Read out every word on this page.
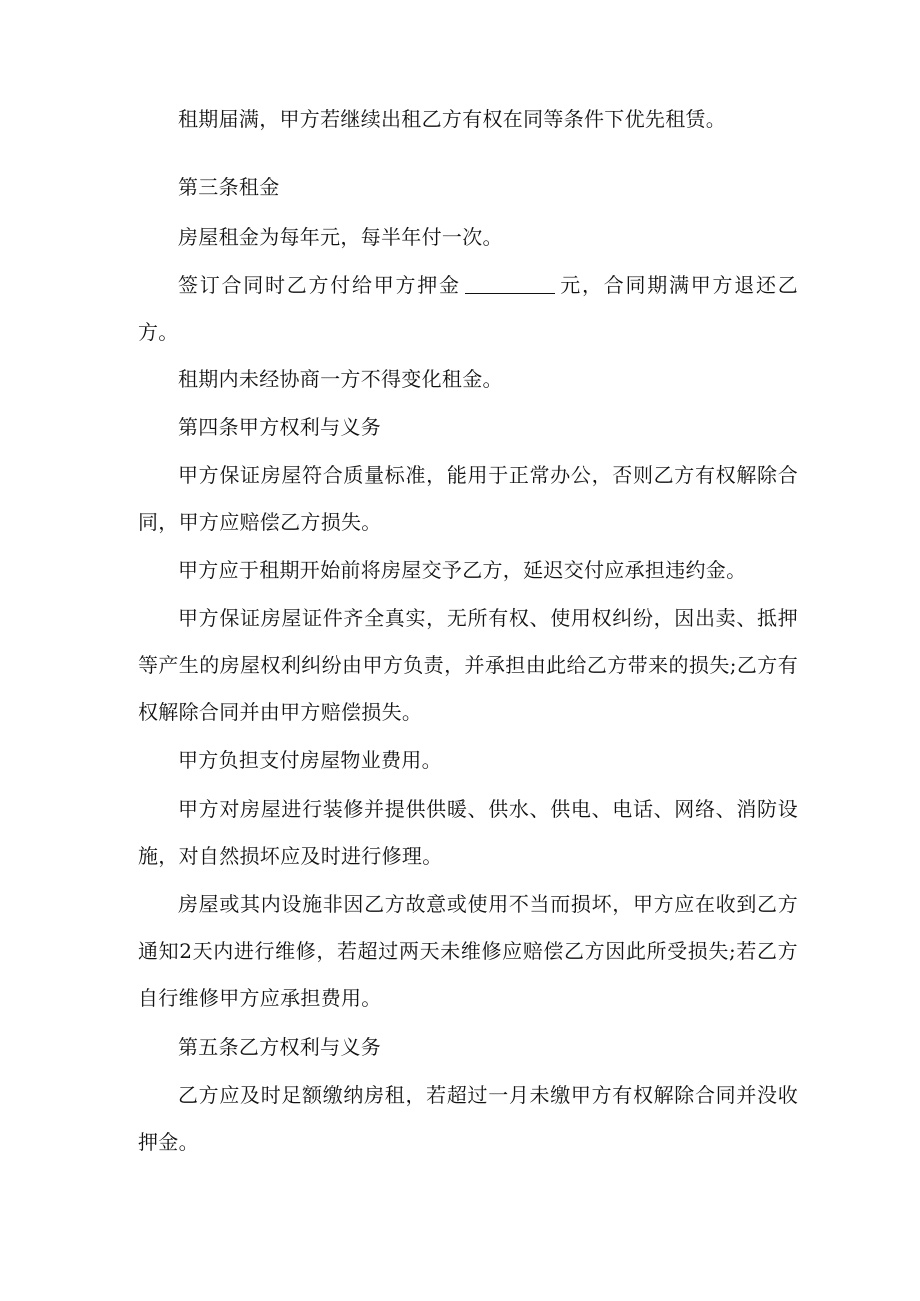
租期届满，甲方若继续出租乙方有权在同等条件下优先租赁。

第三条租金

房屋租金为每年元，每半年付一次。

签订合同时乙方付给甲方押金	元，合同期满甲方退还乙方。

租期内未经协商一方不得变化租金。

第四条甲方权利与义务

甲方保证房屋符合质量标准，能用于正常办公，否则乙方有权解除合同，甲方应赔偿乙方损失。

甲方应于租期开始前将房屋交予乙方，延迟交付应承担违约金。

甲方保证房屋证件齐全真实，无所有权、使用权纠纷，因出卖、抵押等产生的房屋权利纠纷由甲方负责，并承担由此给乙方带来的损失;乙方有权解除合同并由甲方赔偿损失。

甲方负担支付房屋物业费用。

甲方对房屋进行装修并提供供暖、供水、供电、电话、网络、消防设施，对自然损坏应及时进行修理。

房屋或其内设施非因乙方故意或使用不当而损坏，甲方应在收到乙方通知2天内进行维修，若超过两天未维修应赔偿乙方因此所受损失;若乙方自行维修甲方应承担费用。

第五条乙方权利与义务

乙方应及时足额缴纳房租，若超过一月未缴甲方有权解除合同并没收押金。
